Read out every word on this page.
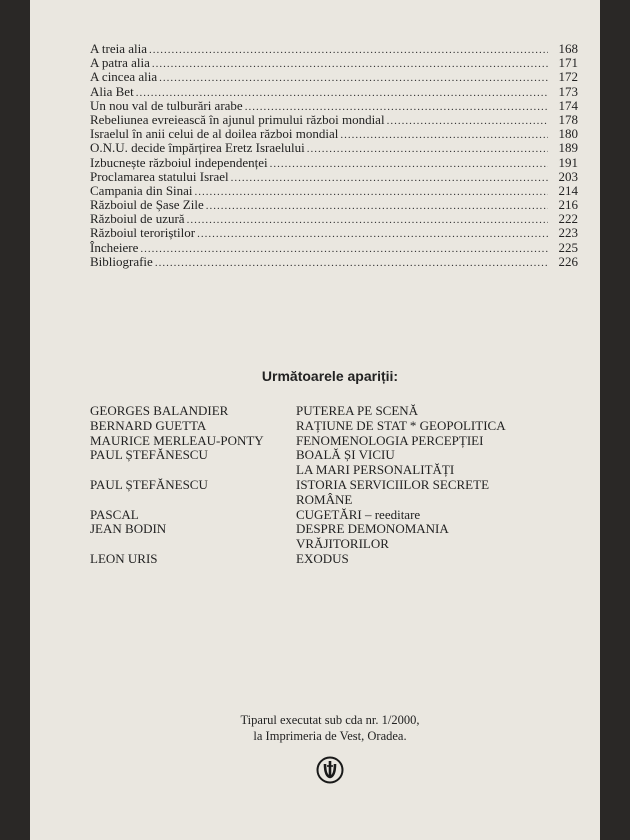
A treia alia .....	168
A patra alia .....	171
A cincea alia .....	172
Alia Bet .....	173
Un nou val de tulburări arabe .....	174
Rebeliunea evreiească în ajunul primului război mondial .....	178
Israelul în anii celui de al doilea război mondial .....	180
O.N.U. decide împărțirea Eretz Israelului .....	189
Izbucnește războiul independenței .....	191
Proclamarea statului Israel .....	203
Campania din Sinai .....	214
Războiul de Șase Zile .....	216
Războiul de uzură .....	222
Războiul teroriștilor .....	223
Încheiere .....	225
Bibliografie .....	226
Următoarele apariții:
GEORGES BALANDIER	PUTEREA PE SCENĂ
BERNARD GUETTA	RAȚIUNE DE STAT * GEOPOLITICA
MAURICE MERLEAU-PONTY	FENOMENOLOGIA PERCEPȚIEI
PAUL ȘTEFĂNESCU	BOALĂ ȘI VICIU
LA MARI PERSONALITĂȚI
PAUL ȘTEFĂNESCU	ISTORIA SERVICIILOR SECRETE
ROMÂNE
PASCAL	CUGETĂRI – reeditare
JEAN BODIN	DESPRE DEMONOMANIA
VRĂJITORILOR
LEON URIS	EXODUS
Tiparul executat sub cda nr. 1/2000,
la Imprimeria de Vest, Oradea.
